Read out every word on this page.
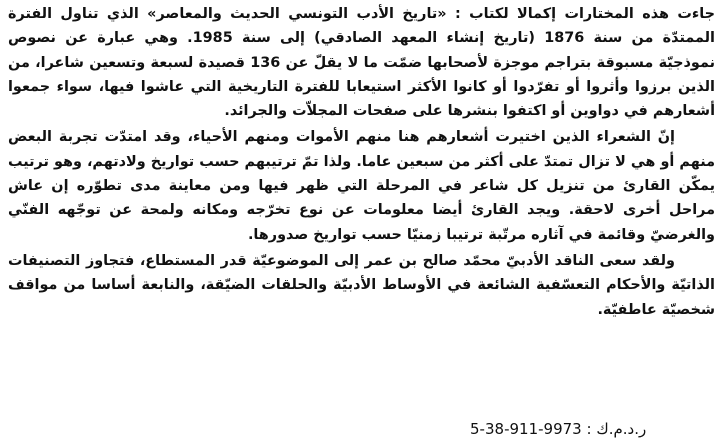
جاءت هذه المختارات إكمالا لكتاب : «تاريخ الأدب التونسي الحديث والمعاصر» الذي تناول الفترة الممتدّة من سنة 1876 (تاريخ إنشاء المعهد الصادقي) إلى سنة 1985. وهي عبارة عن نصوص نموذجيّة مسبوقة بتراجم موجزة لأصحابها ضمّت ما لا يقلّ عن 136 قصيدة لسبعة وتسعين شاعرا، من الذين برزوا وأثروا أو تفرّدوا أو كانوا الأكثر استيعابا للفترة التاريخية التي عاشوا فيها، سواء جمعوا أشعارهم في دواوين أو اكتفوا بنشرها على صفحات المجلاّت والجرائد.

إنّ الشعراء الذين اختيرت أشعارهم هنا منهم الأموات ومنهم الأحياء، وقد امتدّت تجربة البعض منهم أو هي لا تزال تمتدّ على أكثر من سبعين عاما. ولذا تمّ ترتيبهم حسب تواريخ ولادتهم، وهو ترتيب يمكّن القارئ من تنزيل كل شاعر في المرحلة التي ظهر فيها ومن معاينة مدى تطوّره إن عاش مراحل أخرى لاحقة. ويجد القارئ أيضا معلومات عن نوع تخرّجه ومكانه ولمحة عن توجّهه الفنّي والغرضيّ وقائمة في آثاره مرتّبة ترتيبا زمنيّا حسب تواريخ صدورها.

ولقد سعى الناقد الأدبيّ محمّد صالح بن عمر إلى الموضوعيّة قدر المستطاع، فتجاوز التصنيفات الذاتيّة والأحكام التعسّفية الشائعة في الأوساط الأدبيّة والحلقات الضيّقة، والنابعة أساسا من مواقف شخصيّة عاطفيّة.

ر.د.م.ك : 9973-911-38-5
